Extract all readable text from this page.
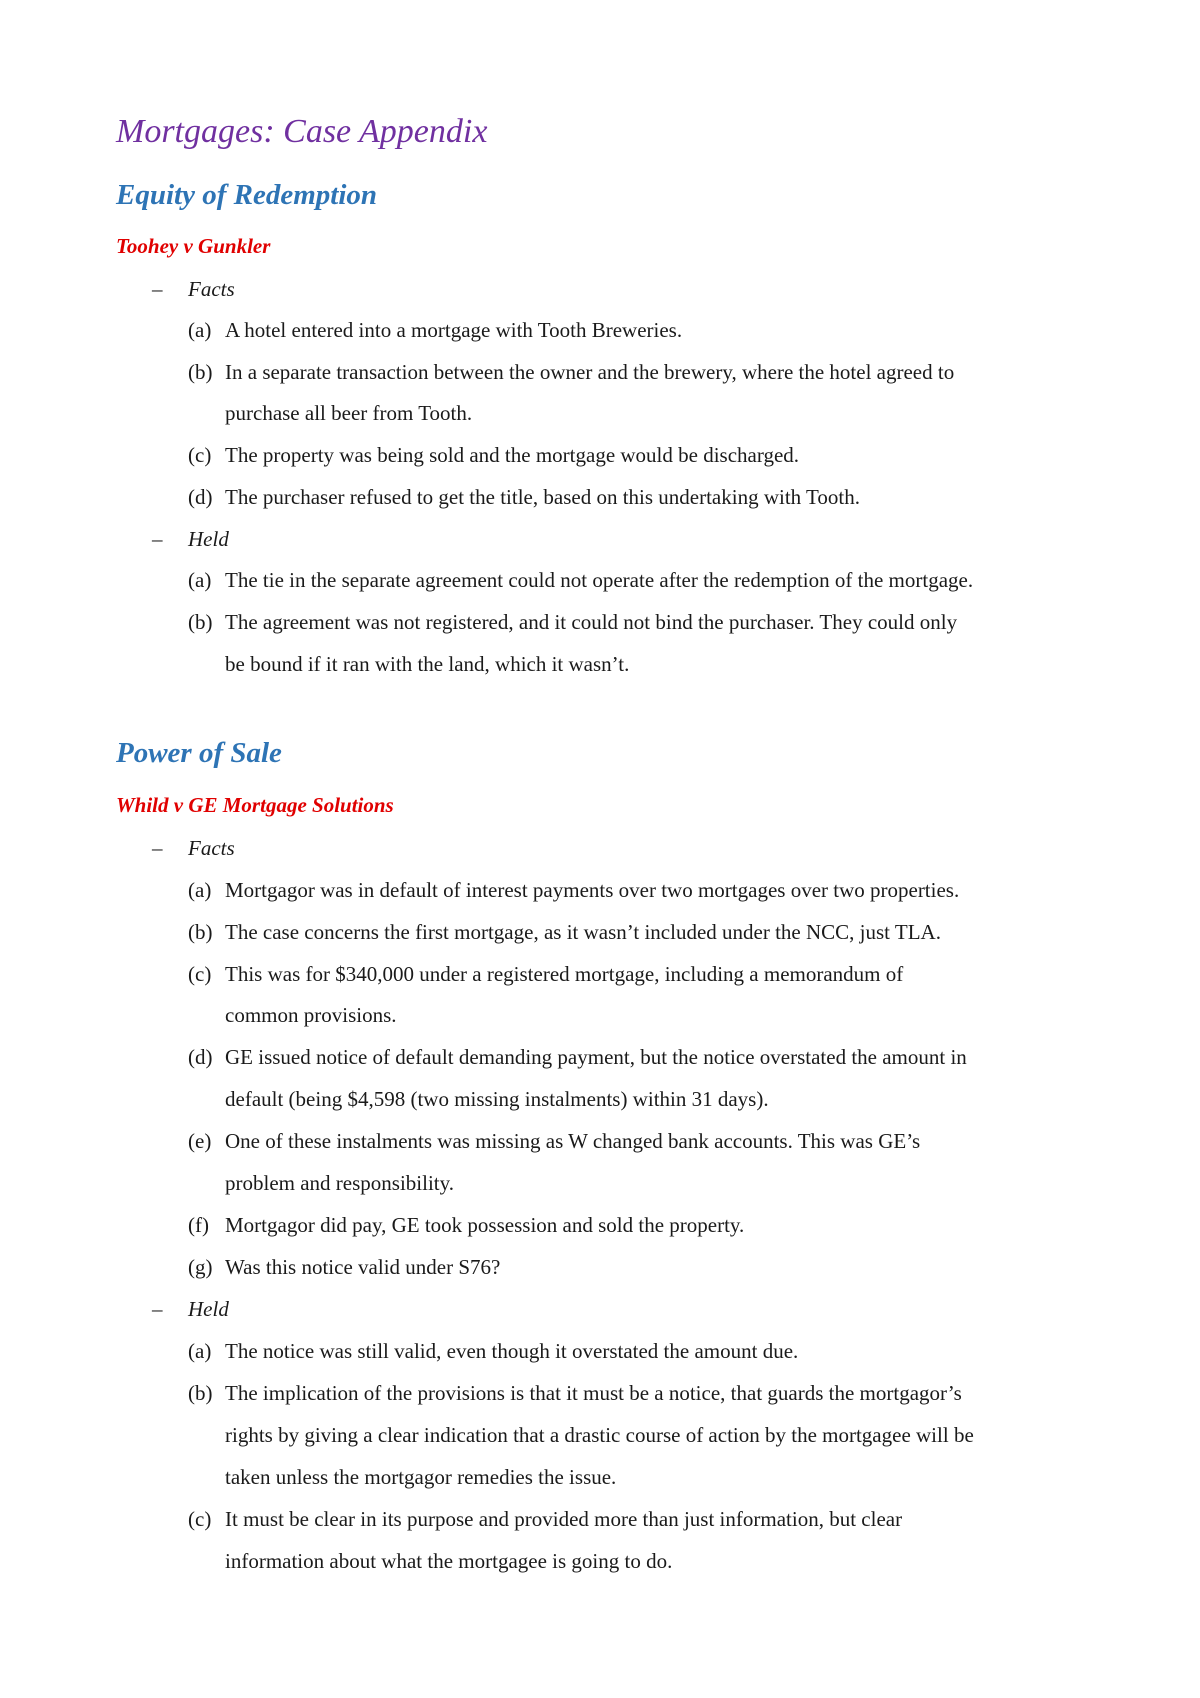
Mortgages: Case Appendix
Equity of Redemption
Toohey v Gunkler
– Facts
(a) A hotel entered into a mortgage with Tooth Breweries.
(b) In a separate transaction between the owner and the brewery, where the hotel agreed to
purchase all beer from Tooth.
(c) The property was being sold and the mortgage would be discharged.
(d) The purchaser refused to get the title, based on this undertaking with Tooth.
– Held
(a) The tie in the separate agreement could not operate after the redemption of the mortgage.
(b) The agreement was not registered, and it could not bind the purchaser. They could only
be bound if it ran with the land, which it wasn’t.
Power of Sale
Whild v GE Mortgage Solutions
– Facts
(a) Mortgagor was in default of interest payments over two mortgages over two properties.
(b) The case concerns the first mortgage, as it wasn’t included under the NCC, just TLA.
(c) This was for $340,000 under a registered mortgage, including a memorandum of
common provisions.
(d) GE issued notice of default demanding payment, but the notice overstated the amount in
default (being $4,598 (two missing instalments) within 31 days).
(e) One of these instalments was missing as W changed bank accounts. This was GE’s
problem and responsibility.
(f) Mortgagor did pay, GE took possession and sold the property.
(g) Was this notice valid under S76?
– Held
(a) The notice was still valid, even though it overstated the amount due.
(b) The implication of the provisions is that it must be a notice, that guards the mortgagor’s
rights by giving a clear indication that a drastic course of action by the mortgagee will be
taken unless the mortgagor remedies the issue.
(c) It must be clear in its purpose and provided more than just information, but clear
information about what the mortgagee is going to do.
